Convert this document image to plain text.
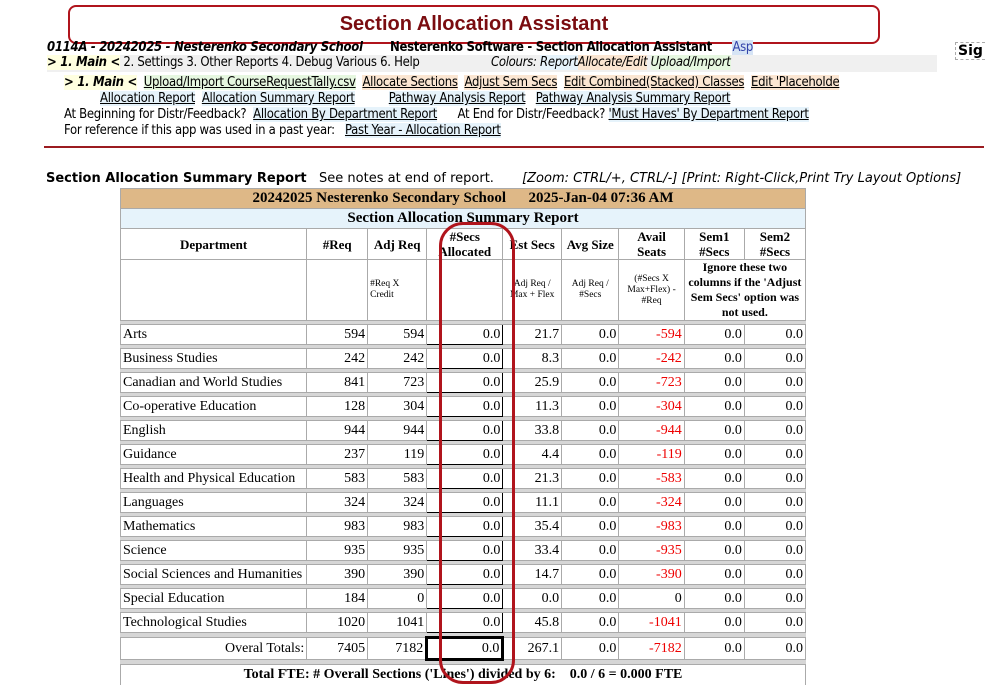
Section Allocation Assistant
0114A - 20242025 - Nesterenko Secondary School Nesterenko Software - Section Allocation Assistant Asp	Sig
> 1. Main < 2. Settings 3. Other Reports 4. Debug Various 6. Help	Colours: ReportAllocate/Edit Upload/Import
> 1. Main < Upload/Import CourseRequestTally.csv Allocate Sections Adjust Sem Secs Edit Combined(Stacked) Classes Edit 'Placeholde
Allocation Report Allocation Summary Report	Pathway Analysis Report Pathway Analysis Summary Report
At Beginning for Distr/Feedback? Allocation By Department Report At End for Distr/Feedback? 'Must Haves' By Department Report
For reference if this app was used in a past year: Past Year - Allocation Report
Section Allocation Summary Report See notes at end of report. [Zoom: CTRL/+, CTRL/-] [Print: Right-Click,Print Try Layout Options]
20242025 Nesterenko Secondary School      2025-Jan-04 07:36 AM								
Section Allocation Summary Report								
Department	#Req	Adj Req	#Secs Allocated	Est Secs	Avg Size	Avail Seats	Sem1 #Secs	Sem2 #Secs
		#Req X Credit		Adj Req / Max + Flex	Adj Req / #Secs	(#Secs X Max+Flex) - #Req	Ignore these two columns if the 'Adjust Sem Secs' option was not used.	

Arts	594	594	0.0	21.7	0.0	-594	0.0	0.0

Business Studies	242	242	0.0	8.3	0.0	-242	0.0	0.0

Canadian and World Studies	841	723	0.0	25.9	0.0	-723	0.0	0.0

Co-operative Education	128	304	0.0	11.3	0.0	-304	0.0	0.0

English	944	944	0.0	33.8	0.0	-944	0.0	0.0

Guidance	237	119	0.0	4.4	0.0	-119	0.0	0.0

Health and Physical Education	583	583	0.0	21.3	0.0	-583	0.0	0.0

Languages	324	324	0.0	11.1	0.0	-324	0.0	0.0

Mathematics	983	983	0.0	35.4	0.0	-983	0.0	0.0

Science	935	935	0.0	33.4	0.0	-935	0.0	0.0

Social Sciences and Humanities	390	390	0.0	14.7	0.0	-390	0.0	0.0

Special Education	184	0	0.0	0.0	0.0	0	0.0	0.0

Technological Studies	1020	1041	0.0	45.8	0.0	-1041	0.0	0.0

Overal Totals:	7405	7182	0.0	267.1	0.0	-7182	0.0	0.0

Total FTE: # Overall Sections ('Lines') divided by 6:    0.0 / 6 = 0.000 FTE								
